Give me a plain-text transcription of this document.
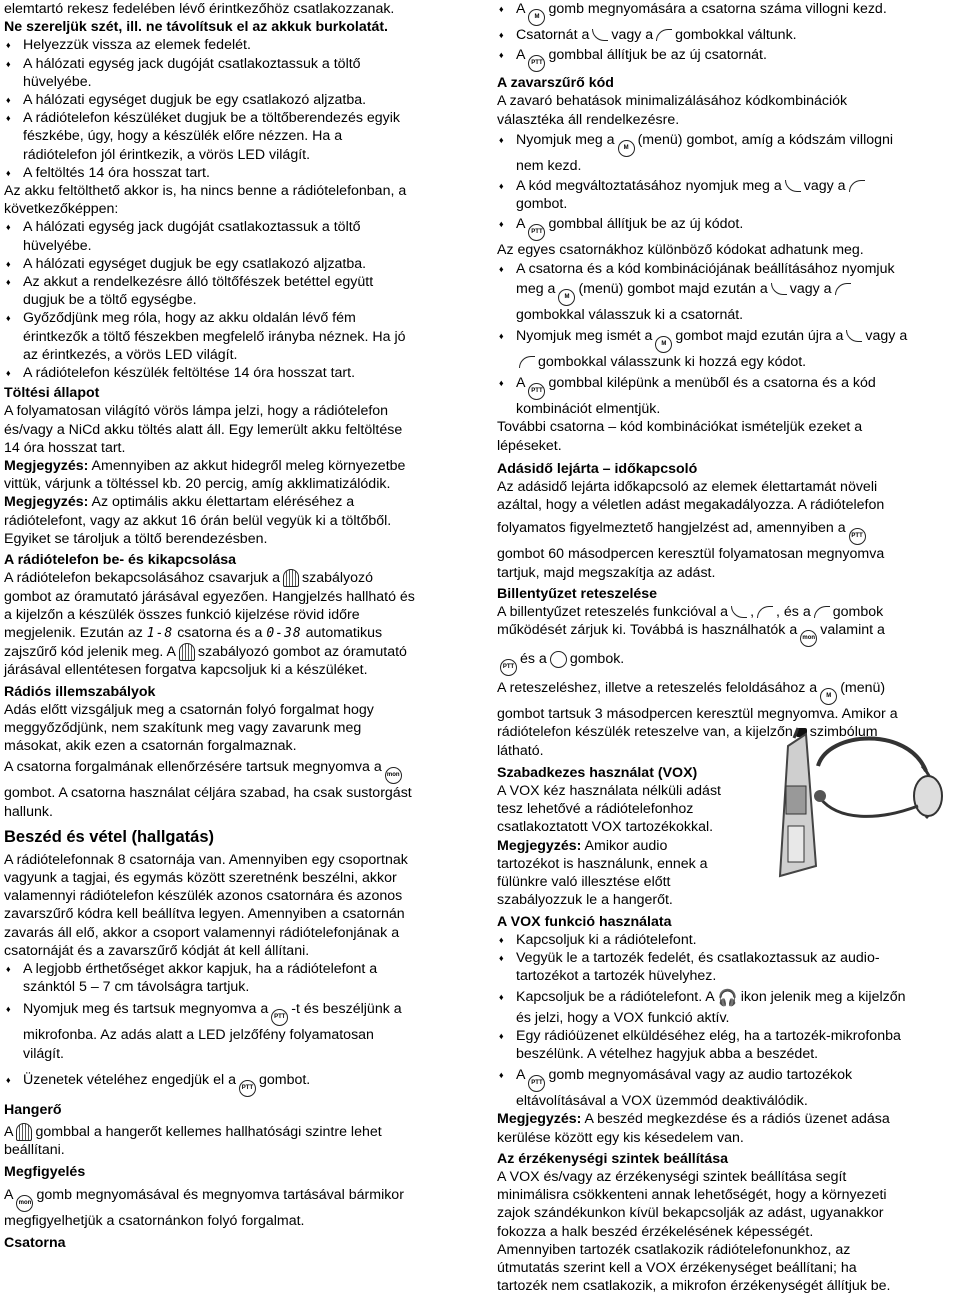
elemtartó rekesz fedelében lévő érintkezőhöz csatlakozzanak.
Ne szereljük szét, ill. ne távolítsuk el az akkuk burkolatát.
♦ Helyezzük vissza az elemek fedelét.
♦ A hálózati egység jack dugóját csatlakoztassuk a töltő
hüvelyébe.
♦ A hálózati egységet dugjuk be egy csatlakozó aljzatba.
♦ A rádiótelefon készüléket dugjuk be a töltőberendezés egyik
fészkébe, úgy, hogy a készülék előre nézzen. Ha a
rádiótelefon jól érintkezik, a vörös LED világít.
♦ A feltöltés 14 óra hosszat tart.
Az akku feltölthető akkor is, ha nincs benne a rádiótelefonban, a
következőképpen:
♦ A hálózati egység jack dugóját csatlakoztassuk a töltő
hüvelyébe.
♦ A hálózati egységet dugjuk be egy csatlakozó aljzatba.
♦ Az akkut a rendelkezésre álló töltőfészek betéttel együtt
dugjuk be a töltő egységbe.
♦ Győződjünk meg róla, hogy az akku oldalán lévő fém
érintkezők a töltő fészekben megfelelő irányba néznek. Ha jó
az érintkezés, a vörös LED világít.
♦ A rádiótelefon készülék feltöltése 14 óra hosszat tart.
Töltési állapot
A folyamatosan világító vörös lámpa jelzi, hogy a rádiótelefon
és/vagy a NiCd akku töltés alatt áll. Egy lemerült akku feltöltése
14 óra hosszat tart.
Megjegyzés: Amennyiben az akkut hidegről meleg környezetbe
vittük, várjunk a töltéssel kb. 20 percig, amíg akklimatizálódik.
Megjegyzés: Az optimális akku élettartam eléréséhez a
rádiótelefont, vagy az akkut 16 órán belül vegyük ki a töltőből.
Egyiket se tároljuk a töltő berendezésben.
A rádiótelefon be- és kikapcsolása
A rádiótelefon bekapcsolásához csavarjuk a szabályozó
gombot az óramutató járásával egyezően. Hangjelzés hallható és
a kijelzőn a készülék összes funkció kijelzése rövid időre
megjelenik. Ezután az 1-8 csatorna és a 0-38 automatikus
zajszűrő kód jelenik meg. A szabályozó gombot az óramutató
járásával ellentétesen forgatva kapcsoljuk ki a készüléket.
Rádiós illemszabályok
Adás előtt vizsgáljuk meg a csatornán folyó forgalmat hogy
meggyőződjünk, nem szakítunk meg vagy zavarunk meg
másokat, akik ezen a csatornán forgalmaznak.
A csatorna forgalmának ellenőrzésére tartsuk megnyomva a mon
gombot. A csatorna használat céljára szabad, ha csak sustorgást
hallunk.
Beszéd és vétel (hallgatás)
A rádiótelefonnak 8 csatornája van. Amennyiben egy csoportnak
vagyunk a tagjai, és egymás között szeretnénk beszélni, akkor
valamennyi rádiótelefon készülék azonos csatornára és azonos
zavarszűrő kódra kell beállítva legyen. Amennyiben a csatornán
zavarás áll elő, akkor a csoport valamennyi rádiótelefonjának a
csatornáját és a zavarszűrő kódját át kell állítani.
♦ A legjobb érthetőséget akkor kapjuk, ha a rádiótelefont a
szánktól 5 – 7 cm távolságra tartjuk.
♦ Nyomjuk meg és tartsuk megnyomva a PTT -t és beszéljünk a
mikrofonba. Az adás alatt a LED jelzőfény folyamatosan
világít.
♦ Üzenetek vételéhez engedjük el a PTT gombot.
Hangerő
A gombbal a hangerőt kellemes hallhatósági szintre lehet
beállítani.
Megfigyelés
A mon gomb megnyomásával és megnyomva tartásával bármikor
megfigyelhetjük a csatornánkon folyó forgalmat.
Csatorna
♦ A M gomb megnyomására a csatorna száma villogni kezd.
♦ Csatornát a vagy a gombokkal váltunk.
♦ A PTT gombbal állítjuk be az új csatornát.
A zavarszűrő kód
A zavaró behatások minimalizálásához kódkombinációk
választéka áll rendelkezésre.
♦ Nyomjuk meg a M (menü) gombot, amíg a kódszám villogni
nem kezd.
♦ A kód megváltoztatásához nyomjuk meg a vagy a
gombot.
♦ A PTT gombbal állítjuk be az új kódot.
Az egyes csatornákhoz különböző kódokat adhatunk meg.
♦ A csatorna és a kód kombinációjának beállításához nyomjuk
meg a M (menü) gombot majd ezután a vagy a
gombokkal válasszuk ki a csatornát.
♦ Nyomjuk meg ismét a M gombot majd ezután újra a vagy a
gombokkal válasszunk ki hozzá egy kódot.
♦ A PTT gombbal kilépünk a menüből és a csatorna és a kód
kombinációt elmentjük.
További csatorna – kód kombinációkat ismételjük ezeket a
lépéseket.
Adásidő lejárta – időkapcsoló
Az adásidő lejárta időkapcsoló az elemek élettartamát növeli
azáltal, hogy a véletlen adást megakadályozza. A rádiótelefon
folyamatos figyelmeztető hangjelzést ad, amennyiben a PTT
gombot 60 másodpercen keresztül folyamatosan megnyomva
tartjuk, majd megszakítja az adást.
Billentyűzet reteszelése
A billentyűzet reteszelés funkcióval a , , és a gombok
működését zárjuk ki. Továbbá is használhatók a mon valamint a
PTT és a gombok.
A reteszeléshez, illetve a reteszelés feloldásához a M (menü)
gombot tartsuk 3 másodpercen keresztül megnyomva. Amikor a
rádiótelefon készülék reteszelve van, a kijelzőn szimbólum
látható.
Szabadkezes használat (VOX)
A VOX kéz használata nélküli adást
tesz lehetővé a rádiótelefonhoz
csatlakoztatott VOX tartozékokkal.
Megjegyzés: Amikor audio
tartozékot is használunk, ennek a
fülünkre való illesztése előtt
szabályozzuk le a hangerőt.
A VOX funkció használata
♦ Kapcsoljuk ki a rádiótelefont.
♦ Vegyük le a tartozék fedelét, és csatlakoztassuk az audio-
tartozékot a tartozék hüvelyhez.
♦ Kapcsoljuk be a rádiótelefont. A 🎧 ikon jelenik meg a kijelzőn
és jelzi, hogy a VOX funkció aktív.
♦ Egy rádióüzenet elküldéséhez elég, ha a tartozék-mikrofonba
beszélünk. A vételhez hagyjuk abba a beszédet.
♦ A PTT gomb megnyomásával vagy az audio tartozékok
eltávolításával a VOX üzemmód deaktiválódik.
Megjegyzés: A beszéd megkezdése és a rádiós üzenet adása
kerülése között egy kis késedelem van.
Az érzékenységi szintek beállítása
A VOX és/vagy az érzékenységi szintek beállítása segít
minimálisra csökkenteni annak lehetőségét, hogy a környezeti
zajok szándékunkon kívül bekapcsolják az adást, ugyanakkor
fokozza a halk beszéd érzékelésének képességét.
Amennyiben tartozék csatlakozik rádiótelefonunkhoz, az
útmutatás szerint kell a VOX érzékenységet beállítani; ha
tartozék nem csatlakozik, a mikrofon érzékenységét állítjuk be.
